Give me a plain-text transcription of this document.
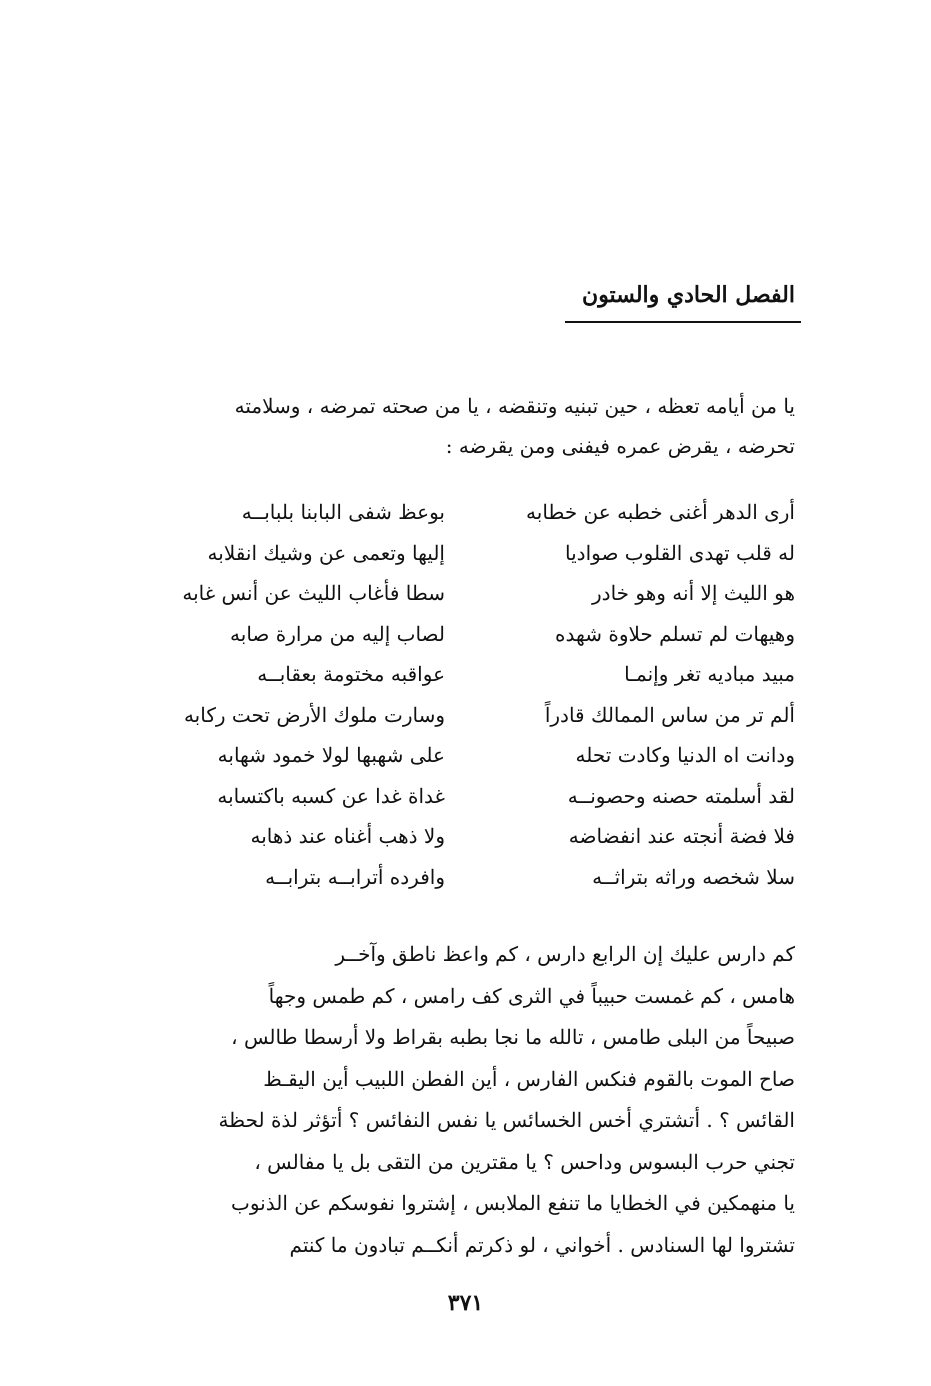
الفصل الحادي والستون
يا من أيامه تعظه ، حين تبنيه وتنقضه ، يا من صحته تمرضه ، وسلامته
تحرضه ، يقرض عمره فيفنى ومن يقرضه :
أرى الدهر أغنى خطبه عن خطابه
بوعظ شفى البابنا بلبابــه
له قلب تهدى القلوب صواديا
إليها وتعمى عن وشيك انقلابه
هو الليث إلا أنه وهو خادر
سطا فأغاب الليث عن أنس غابه
وهيهات لم تسلم حلاوة شهده
لصاب إليه من مرارة صابه
مبيد مباديه تغر وإنمـا
عواقبه مختومة بعقابــه
ألم تر من ساس الممالك قادراً
وسارت ملوك الأرض تحت ركابه
ودانت اه الدنيا وكادت تحله
على شهبها لولا خمود شهابه
لقد أسلمته حصنه وحصونــه
غداة غدا عن كسبه باكتسابه
فلا فضة أنجته عند انفضاضه
ولا ذهب أغناه عند ذهابه
سلا شخصه وراثه بتراثــه
وافرده أترابــه بترابــه
كم دارس عليك إن الرابع دارس ، كم واعظ ناطق وآخــر
هامس ، كم غمست حبيباً في الثرى كف رامس ، كم طمس وجهاً
صبيحاً من البلى طامس ، تالله ما نجا بطبه بقراط ولا أرسطا طالس ،
صاح الموت بالقوم فنكس الفارس ، أين الفطن اللبيب أين اليقـظ
القائس ؟ . أتشتري أخس الخسائس يا نفس النفائس ؟ أتؤثر لذة لحظة
تجني حرب البسوس وداحس ؟ يا مقترين من التقى بل يا مفالس ،
يا منهمكين في الخطايا ما تنفع الملابس ، إشتروا نفوسكم عن الذنوب
تشتروا لها السنادس . أخواني ، لو ذكرتم أنكــم تبادون ما كنتم
٣٧١
